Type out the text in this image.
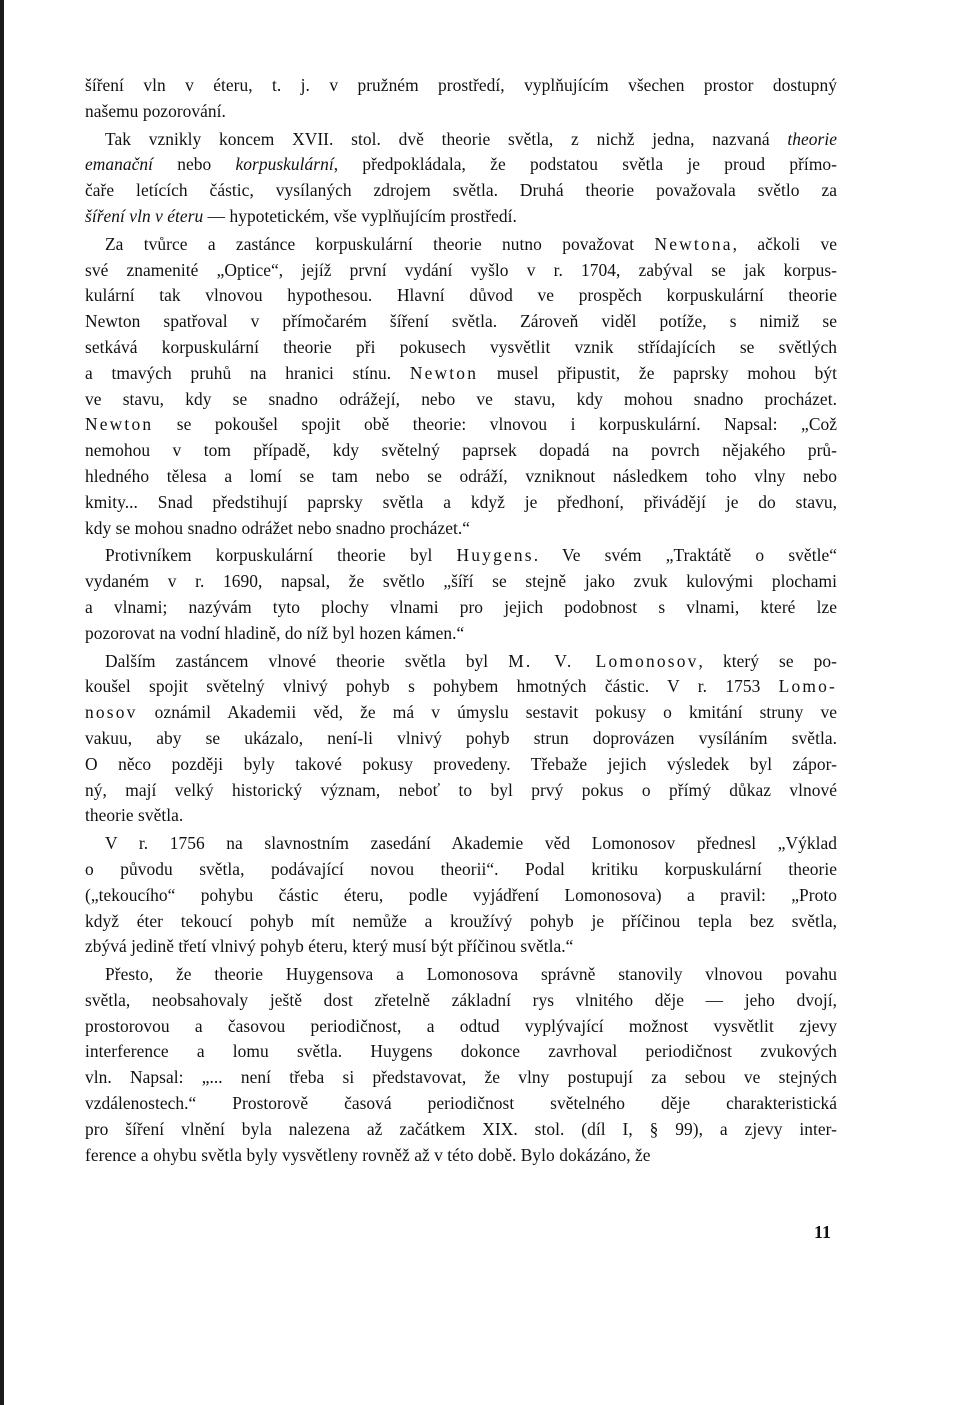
šíření vln v éteru, t. j. v pružném prostředí, vyplňujícím všechen prostor dostupný
našemu pozorování.

Tak vznikly koncem XVII. stol. dvě theorie světla, z nichž jedna, nazvaná theorie
emanační nebo korpuskulární, předpokládala, že podstatou světla je proud přímo-
čaře letících částic, vysílaných zdrojem světla. Druhá theorie považovala světlo za
šíření vln v éteru — hypotetickém, vše vyplňujícím prostředí.

Za tvůrce a zastánce korpuskulární theorie nutno považovat Newtona, ačkoli ve
své znamenité „Optice“, jejíž první vydání vyšlo v r. 1704, zabýval se jak korpus-
kulární tak vlnovou hypothesou. Hlavní důvod ve prospěch korpuskulární theorie
Newton spatřoval v přímočarém šíření světla. Zároveň viděl potíže, s nimiž se
setkává korpuskulární theorie při pokusech vysvětlit vznik střídajících se světlých
a tmavých pruhů na hranici stínu. Newton musel připustit, že paprsky mohou být
ve stavu, kdy se snadno odrážejí, nebo ve stavu, kdy mohou snadno procházet.
Newton se pokoušel spojit obě theorie: vlnovou i korpuskulární. Napsal: „Což
nemohou v tom případě, kdy světelný paprsek dopadá na povrch nějakého prů-
hledného tělesa a lomí se tam nebo se odráží, vzniknout následkem toho vlny nebo
kmity... Snad předstihují paprsky světla a když je předhoní, přivádějí je do stavu,
kdy se mohou snadno odrážet nebo snadno procházet.“

Protivníkem korpuskulární theorie byl Huygens. Ve svém „Traktátě o světle“
vydaném v r. 1690, napsal, že světlo „šíří se stejně jako zvuk kulovými plochami
a vlnami; nazývám tyto plochy vlnami pro jejich podobnost s vlnami, které lze
pozorovat na vodní hladině, do níž byl hozen kámen.“

Dalším zastáncem vlnové theorie světla byl M. V. Lomonosov, který se po-
koušel spojit světelný vlnivý pohyb s pohybem hmotných částic. V r. 1753 Lomo-
nosov oznámil Akademii věd, že má v úmyslu sestavit pokusy o kmitání struny ve
vakuu, aby se ukázalo, není-li vlnivý pohyb strun doprovázen vysíláním světla.
O něco později byly takové pokusy provedeny. Třebaže jejich výsledek byl zápor-
ný, mají velký historický význam, neboť to byl prvý pokus o přímý důkaz vlnové
theorie světla.

V r. 1756 na slavnostním zasedání Akademie věd Lomonosov přednesl „Výklad
o původu světla, podávající novou theorii“. Podal kritiku korpuskulární theorie
(„tekoucího“ pohybu částic éteru, podle vyjádření Lomonosova) a pravil: „Proto
když éter tekoucí pohyb mít nemůže a kroužívý pohyb je příčinou tepla bez světla,
zbývá jedině třetí vlnivý pohyb éteru, který musí být příčinou světla.“

Přesto, že theorie Huygensova a Lomonosova správně stanovily vlnovou povahu
světla, neobsahovaly ještě dost zřetelně základní rys vlnitého děje — jeho dvojí,
prostorovou a časovou periodičnost, a odtud vyplývající možnost vysvětlit zjevy
interference a lomu světla. Huygens dokonce zavrhoval periodičnost zvukových
vln. Napsal: „... není třeba si představovat, že vlny postupují za sebou ve stejných
vzdálenostech.“ Prostorově časová periodičnost světelného děje charakteristická
pro šíření vlnění byla nalezena až začátkem XIX. stol. (díl I, § 99), a zjevy inter-
ference a ohybu světla byly vysvětleny rovněž až v této době. Bylo dokázáno, že

11
